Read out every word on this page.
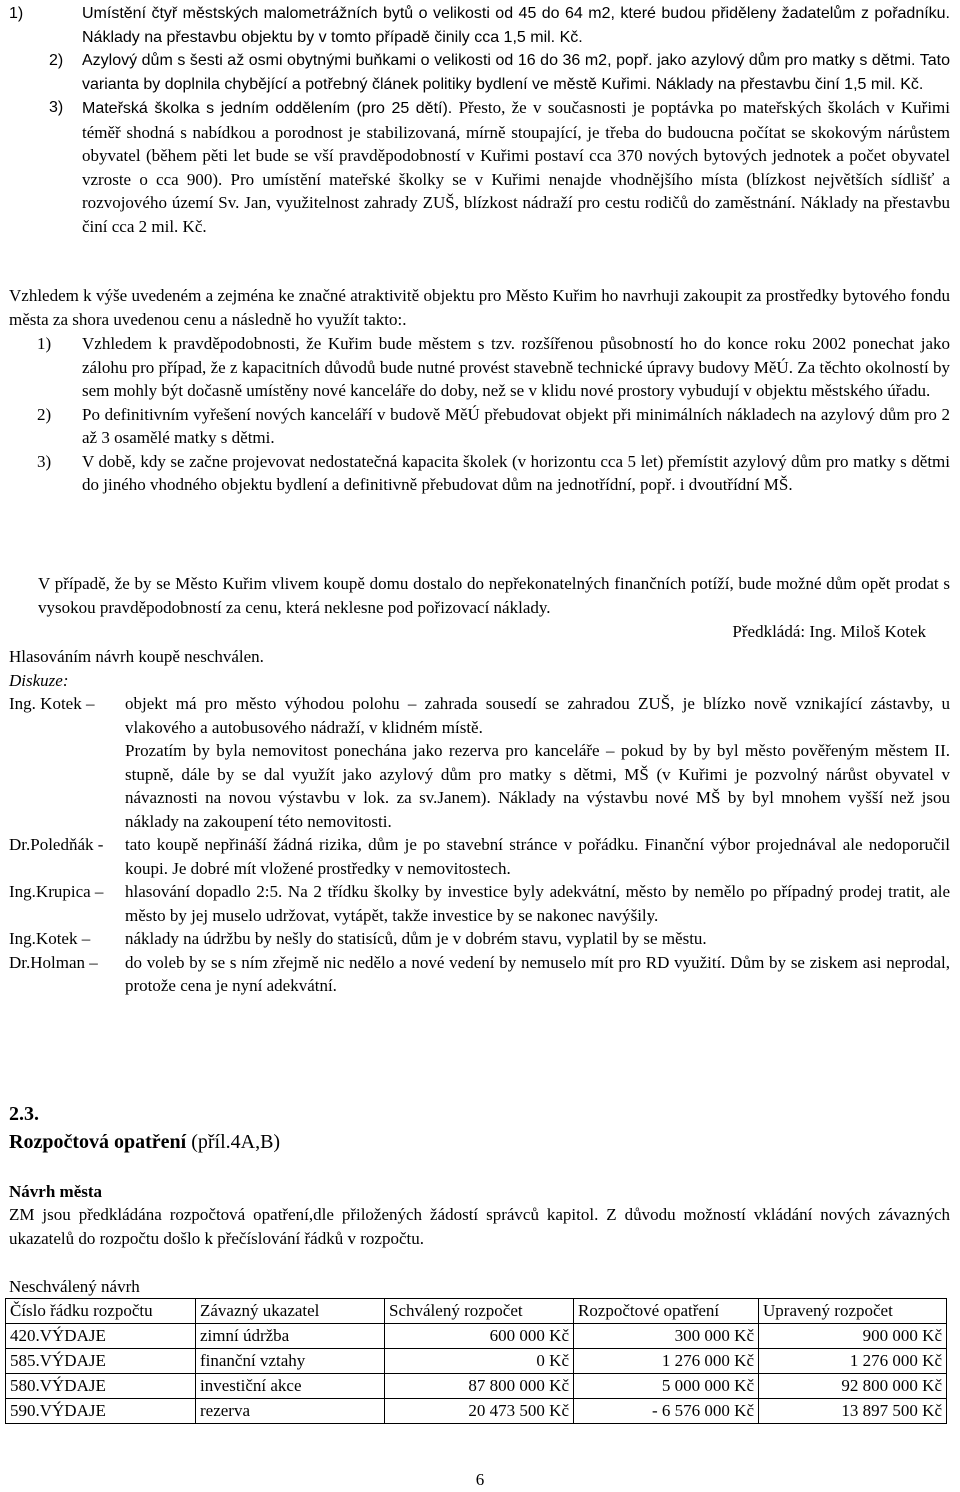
1)	Umístění čtyř městských malometrážních bytů o velikosti od 45 do 64 m2, které budou přiděleny žadatelům z pořadníku. Náklady na přestavbu objektu by v tomto případě činily cca 1,5 mil. Kč.
2) Azylový dům s šesti až osmi obytnými buňkami o velikosti od 16 do 36 m2, popř. jako azylový dům pro matky s dětmi. Tato varianta by doplnila chybějící a potřebný článek politiky bydlení ve městě Kuřimi. Náklady na přestavbu činí 1,5 mil. Kč.
3) Mateřská školka s jedním oddělením (pro 25 dětí). Přesto, že v současnosti je poptávka po mateřských školách v Kuřimi téměř shodná s nabídkou a porodnost je stabilizovaná, mírně stoupající, je třeba do budoucna počítat se skokovým nárůstem obyvatel (během pěti let bude se vší pravděpodobností v Kuřimi postaví cca 370 nových bytových jednotek a počet obyvatel vzroste o cca 900). Pro umístění mateřské školky se v Kuřimi nenajde vhodnějšího místa (blízkost největších sídlišť a rozvojového území Sv. Jan, využitelnost zahrady ZUŠ, blízkost nádraží pro cestu rodičů do zaměstnání. Náklady na přestavbu činí cca 2 mil. Kč.
Vzhledem k výše uvedeném a zejména ke značné atraktivitě objektu pro Město Kuřim ho navrhuji zakoupit za prostředky bytového fondu města za shora uvedenou cenu a následně ho využít takto:.
1) Vzhledem k pravděpodobnosti, že Kuřim bude městem s tzv. rozšířenou působností ho do konce roku 2002 ponechat jako zálohu pro případ, že z kapacitních důvodů bude nutné provést stavebně technické úpravy budovy MěÚ. Za těchto okolností by sem mohly být dočasně umístěny nové kanceláře do doby, než se v klidu nové prostory vybudují v objektu městského úřadu.
2) Po definitivním vyřešení nových kanceláří v budově MěÚ přebudovat objekt při minimálních nákladech na azylový dům pro 2 až 3 osamělé matky s dětmi.
3) V době, kdy se začne projevovat nedostatečná kapacita školek (v horizontu cca 5 let) přemístit azylový dům pro matky s dětmi do jiného vhodného objektu bydlení a definitivně přebudovat dům na jednotřídní, popř. i dvoutřídní MŠ.
V případě, že by se Město Kuřim vlivem koupě domu dostalo do nepřekonatelných finančních potíží, bude možné dům opět prodat s vysokou pravděpodobností za cenu, která neklesne pod pořizovací náklady.
Předkládá: Ing. Miloš Kotek
Hlasováním návrh koupě neschválen.
Diskuze:
Ing. Kotek – objekt má pro město výhodou polohu – zahrada sousedí se zahradou ZUŠ, je blízko nově vznikající zástavby, u vlakového a autobusového nádraží, v klidném místě.
Prozatím by byla nemovitost ponechána jako rezerva pro kanceláře – pokud by by byl město pověřeným městem II. stupně, dále by se dal využít jako azylový dům pro matky s dětmi, MŠ (v Kuřimi je pozvolný nárůst obyvatel v návaznosti na novou výstavbu v lok. za sv.Janem). Náklady na výstavbu nové MŠ by byl mnohem vyšší než jsou náklady na zakoupení této nemovitosti.
Dr.Poledňák - tato koupě nepřináší žádná rizika, dům je po stavební stránce v pořádku. Finanční výbor projednával ale nedoporučil koupi. Je dobré mít vložené prostředky v nemovitostech.
Ing.Krupica – hlasování dopadlo 2:5. Na 2 třídku školky by investice byly adekvátní, město by nemělo po případný prodej tratit, ale město by jej muselo udržovat, vytápět, takže investice by se nakonec navýšily.
Ing.Kotek – náklady na údržbu by nešly do statisíců, dům je v dobrém stavu, vyplatil by se městu.
Dr.Holman – do voleb by se s ním zřejmě nic nedělo a nové vedení by nemuselo mít pro RD využití. Dům by se ziskem asi neprodal, protože cena je nyní adekvátní.
2.3.
Rozpočtová opatření (příl.4A,B)
Návrh města
ZM jsou předkládána rozpočtová opatření,dle přiložených žádostí správců kapitol. Z důvodu možností vkládání nových závazných ukazatelů do rozpočtu došlo k přečíslování řádků v rozpočtu.
Neschválený návrh
Číslo řádku rozpočtu	Závazný ukazatel	Schválený rozpočet	Rozpočtové opatření	Upravený rozpočet
420.VÝDAJE	zimní údržba	600 000 Kč	300 000 Kč	900 000 Kč
585.VÝDAJE	finanční vztahy	0 Kč	1 276 000 Kč	1 276 000 Kč
580.VÝDAJE	investiční akce	87 800 000 Kč	5 000 000 Kč	92 800 000 Kč
590.VÝDAJE	rezerva	20 473 500 Kč	- 6 576 000 Kč	13 897 500 Kč
6
